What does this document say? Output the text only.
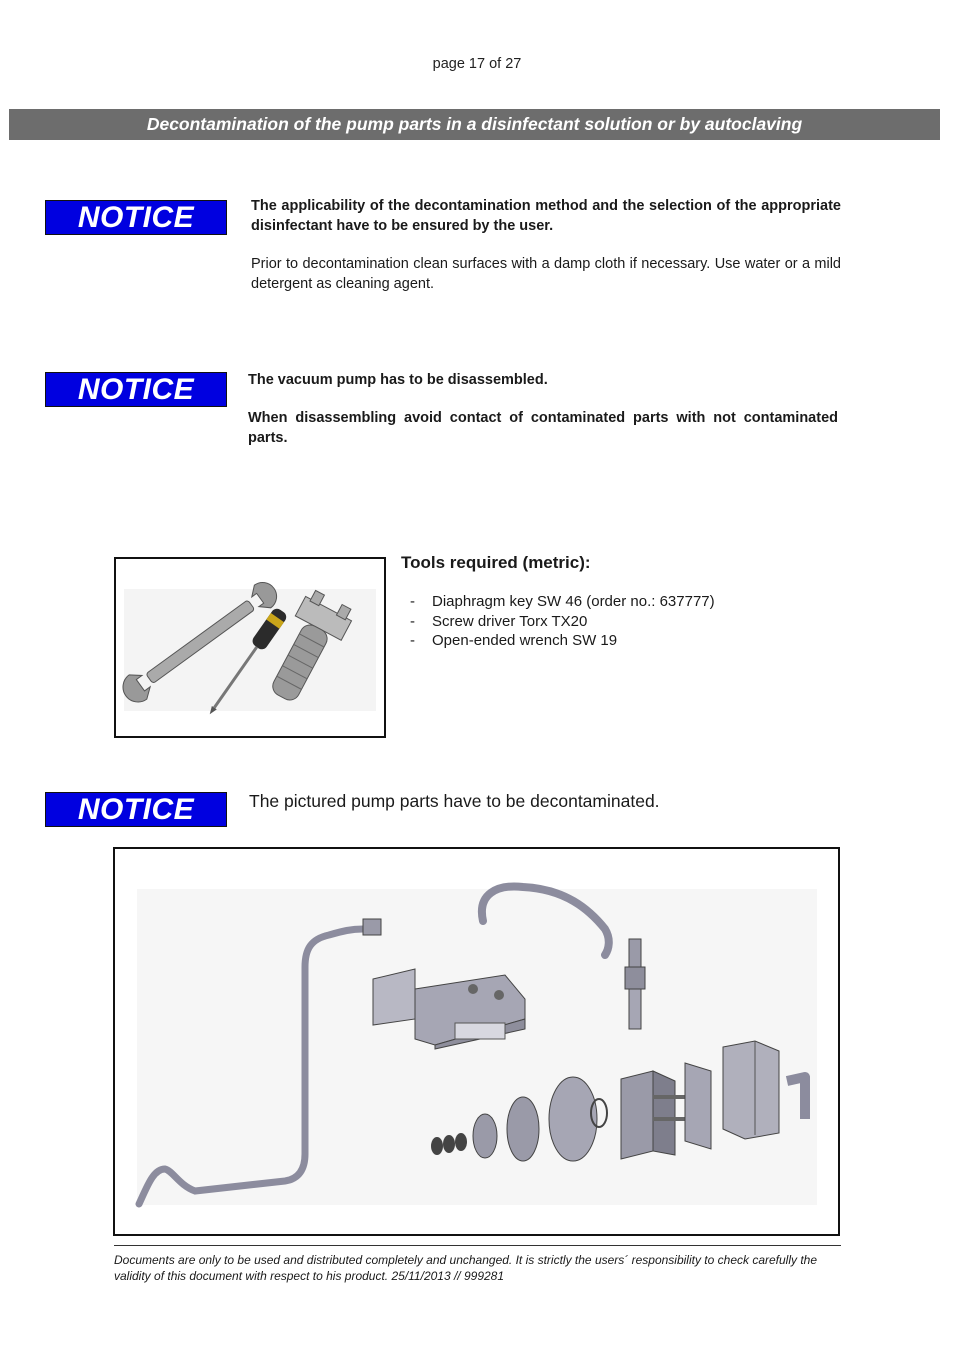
page 17 of 27
Decontamination of the pump parts in a disinfectant solution or by autoclaving
NOTICE	The applicability of the decontamination method and the selection of the appropriate disinfectant have to be ensured by the user.
Prior to decontamination clean surfaces with a damp cloth if necessary. Use water or a mild detergent as cleaning agent.
NOTICE	The vacuum pump has to be disassembled.
When disassembling avoid contact of contaminated parts with not contaminated parts.
Tools required (metric):
- Diaphragm key SW 46 (order no.: 637777)
- Screw driver Torx TX20
- Open-ended wrench SW 19
NOTICE	The pictured pump parts have to be decontaminated.
Documents are only to be used and distributed completely and unchanged. It is strictly the users´ responsibility to check carefully the validity of this document with respect to his product. 25/11/2013 // 999281
